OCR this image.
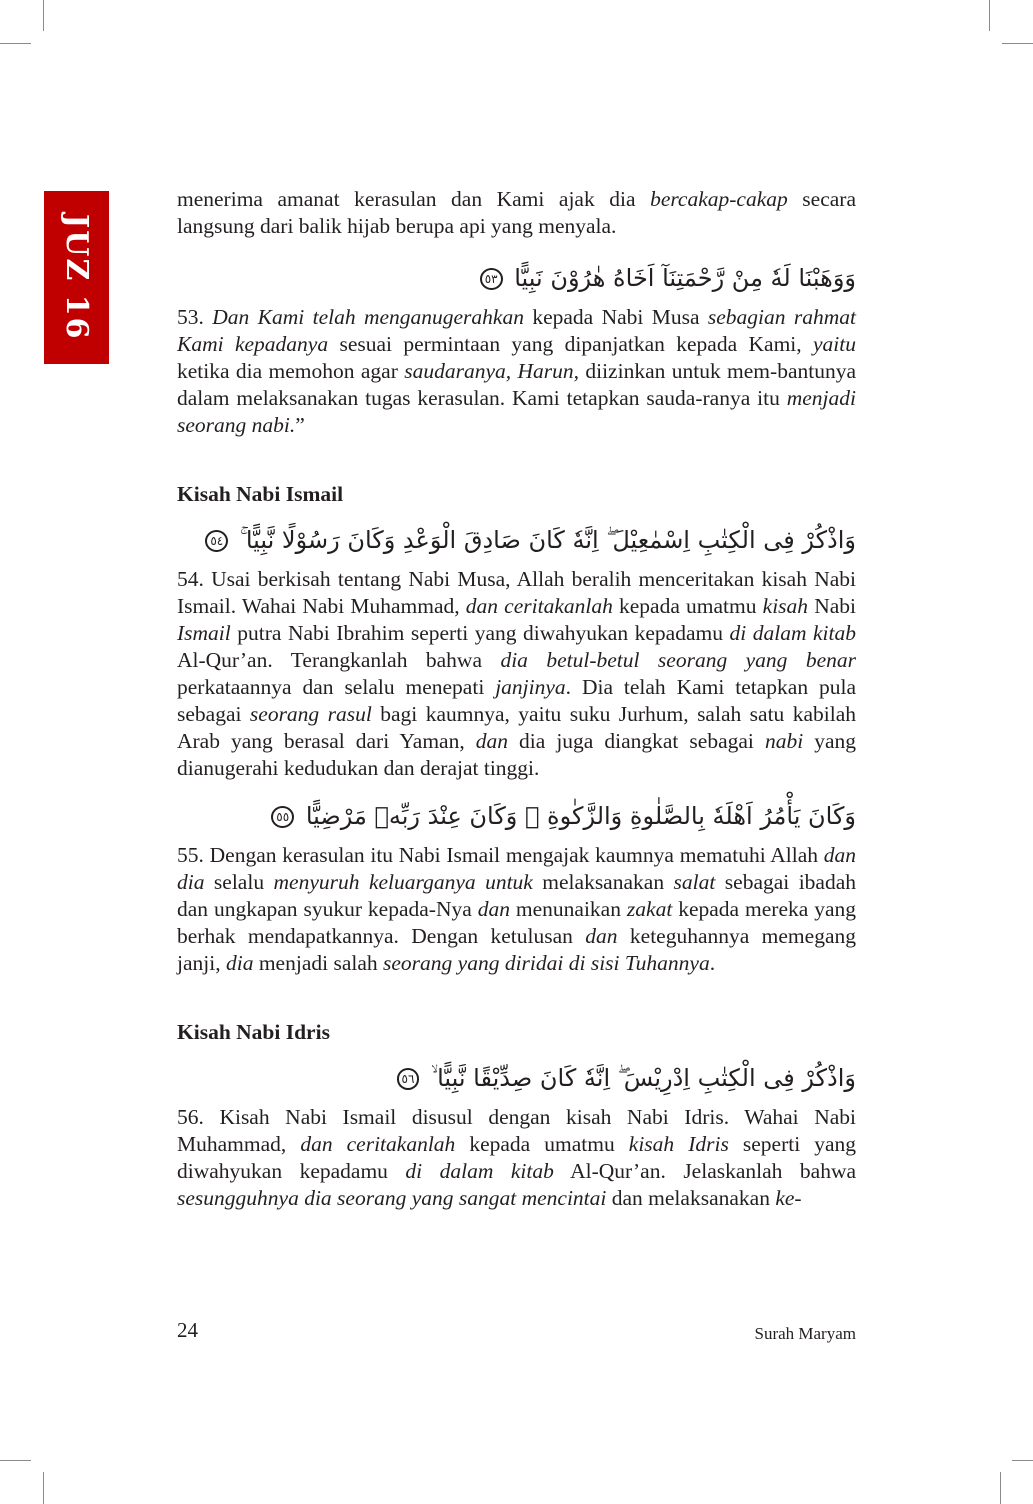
JUZ 16

menerima amanat kerasulan dan Kami ajak dia bercakap-cakap secara langsung dari balik hijab berupa api yang menyala.

وَوَهَبْنَا لَهٗ مِنْ رَّحْمَتِنَآ اَخَاهُ هٰرُوْنَ نَبِيًّا ٥٣

53. Dan Kami telah menganugerahkan kepada Nabi Musa sebagian rahmat Kami kepadanya sesuai permintaan yang dipanjatkan kepada Kami, yaitu ketika dia memohon agar saudaranya, Harun, diizinkan untuk mem-bantunya dalam melaksanakan tugas kerasulan. Kami tetapkan sauda-ranya itu menjadi seorang nabi.”

Kisah Nabi Ismail

وَاذْكُرْ فِى الْكِتٰبِ اِسْمٰعِيْلَ ۖ اِنَّهٗ كَانَ صَادِقَ الْوَعْدِ وَكَانَ رَسُوْلًا نَّبِيًّا ۚ ٥٤

54. Usai berkisah tentang Nabi Musa, Allah beralih menceritakan kisah Nabi Ismail. Wahai Nabi Muhammad, dan ceritakanlah kepada umatmu kisah Nabi Ismail putra Nabi Ibrahim seperti yang diwahyukan kepadamu di dalam kitab Al-Qur’an. Terangkanlah bahwa dia betul-betul seorang yang benar perkataannya dan selalu menepati janjinya. Dia telah Kami tetapkan pula sebagai seorang rasul bagi kaumnya, yaitu suku Jurhum, salah satu kabilah Arab yang berasal dari Yaman, dan dia juga diangkat sebagai nabi yang dianugerahi kedudukan dan derajat tinggi.

وَكَانَ يَأْمُرُ اَهْلَهٗ بِالصَّلٰوةِ وَالزَّكٰوةِ ۖ وَكَانَ عِنْدَ رَبِّهٖ مَرْضِيًّا ٥٥

55. Dengan kerasulan itu Nabi Ismail mengajak kaumnya mematuhi Allah dan dia selalu menyuruh keluarganya untuk melaksanakan salat sebagai ibadah dan ungkapan syukur kepada-Nya dan menunaikan zakat kepada mereka yang berhak mendapatkannya. Dengan ketulusan dan keteguhannya memegang janji, dia menjadi salah seorang yang diridai di sisi Tuhannya.

Kisah Nabi Idris

وَاذْكُرْ فِى الْكِتٰبِ اِدْرِيْسَ ۖ اِنَّهٗ كَانَ صِدِّيْقًا نَّبِيًّا ۙ ٥٦

56. Kisah Nabi Ismail disusul dengan kisah Nabi Idris. Wahai Nabi Muhammad, dan ceritakanlah kepada umatmu kisah Idris seperti yang diwahyukan kepadamu di dalam kitab Al-Qur’an. Jelaskanlah bahwa sesungguhnya dia seorang yang sangat mencintai dan melaksanakan ke-

24	Surah Maryam
